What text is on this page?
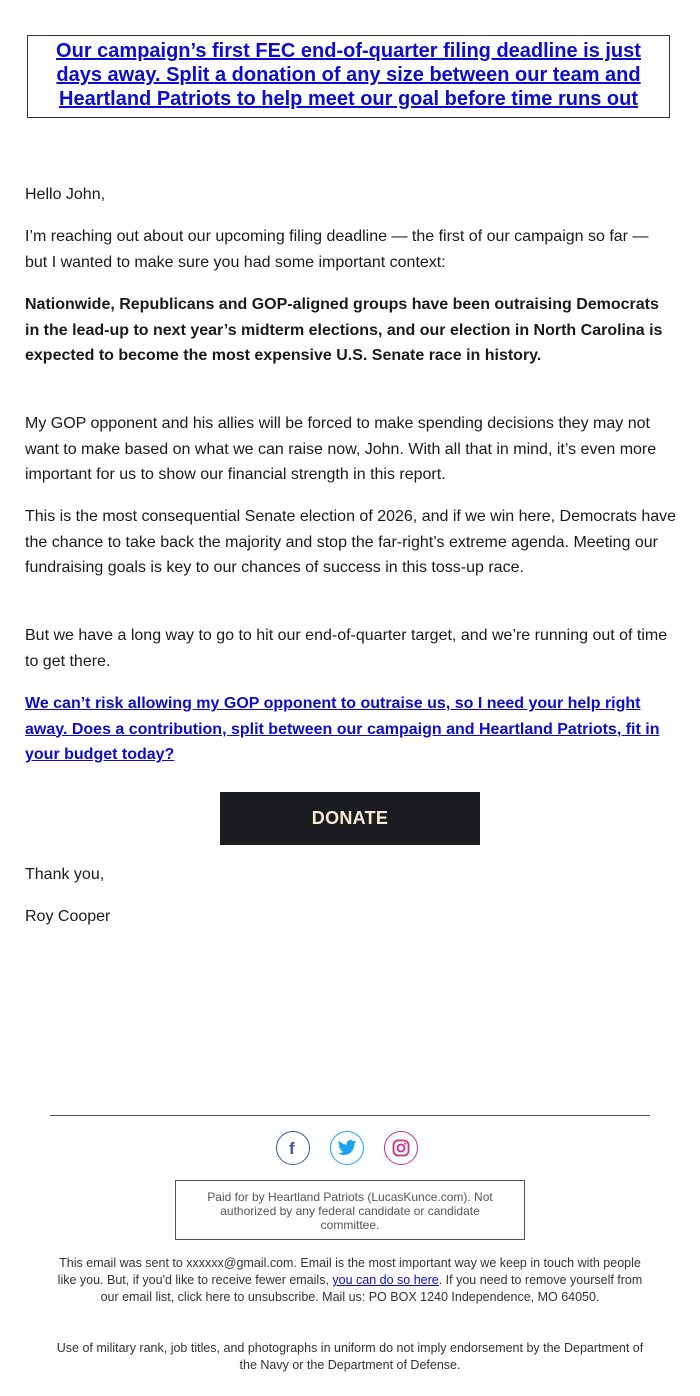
Our campaign’s first FEC end-of-quarter filing deadline is just days away. Split a donation of any size between our team and Heartland Patriots to help meet our goal before time runs out

Hello John,

I’m reaching out about our upcoming filing deadline — the first of our campaign so far — but I wanted to make sure you had some important context:

Nationwide, Republicans and GOP-aligned groups have been outraising Democrats in the lead-up to next year’s midterm elections, and our election in North Carolina is expected to become the most expensive U.S. Senate race in history.

My GOP opponent and his allies will be forced to make spending decisions they may not want to make based on what we can raise now, John. With all that in mind, it’s even more important for us to show our financial strength in this report.

This is the most consequential Senate election of 2026, and if we win here, Democrats have the chance to take back the majority and stop the far-right’s extreme agenda. Meeting our fundraising goals is key to our chances of success in this toss-up race.

But we have a long way to go to hit our end-of-quarter target, and we’re running out of time to get there.

We can’t risk allowing my GOP opponent to outraise us, so I need your help right away. Does a contribution, split between our campaign and Heartland Patriots, fit in your budget today?

DONATE

Thank you,

Roy Cooper

f
Paid for by Heartland Patriots (LucasKunce.com). Not authorized by any federal candidate or candidate committee.
This email was sent to xxxxxx@gmail.com. Email is the most important way we keep in touch with people like you. But, if you'd like to receive fewer emails, you can do so here. If you need to remove yourself from our email list, click here to unsubscribe. Mail us: PO BOX 1240 Independence, MO 64050.
Use of military rank, job titles, and photographs in uniform do not imply endorsement by the Department of the Navy or the Department of Defense.
